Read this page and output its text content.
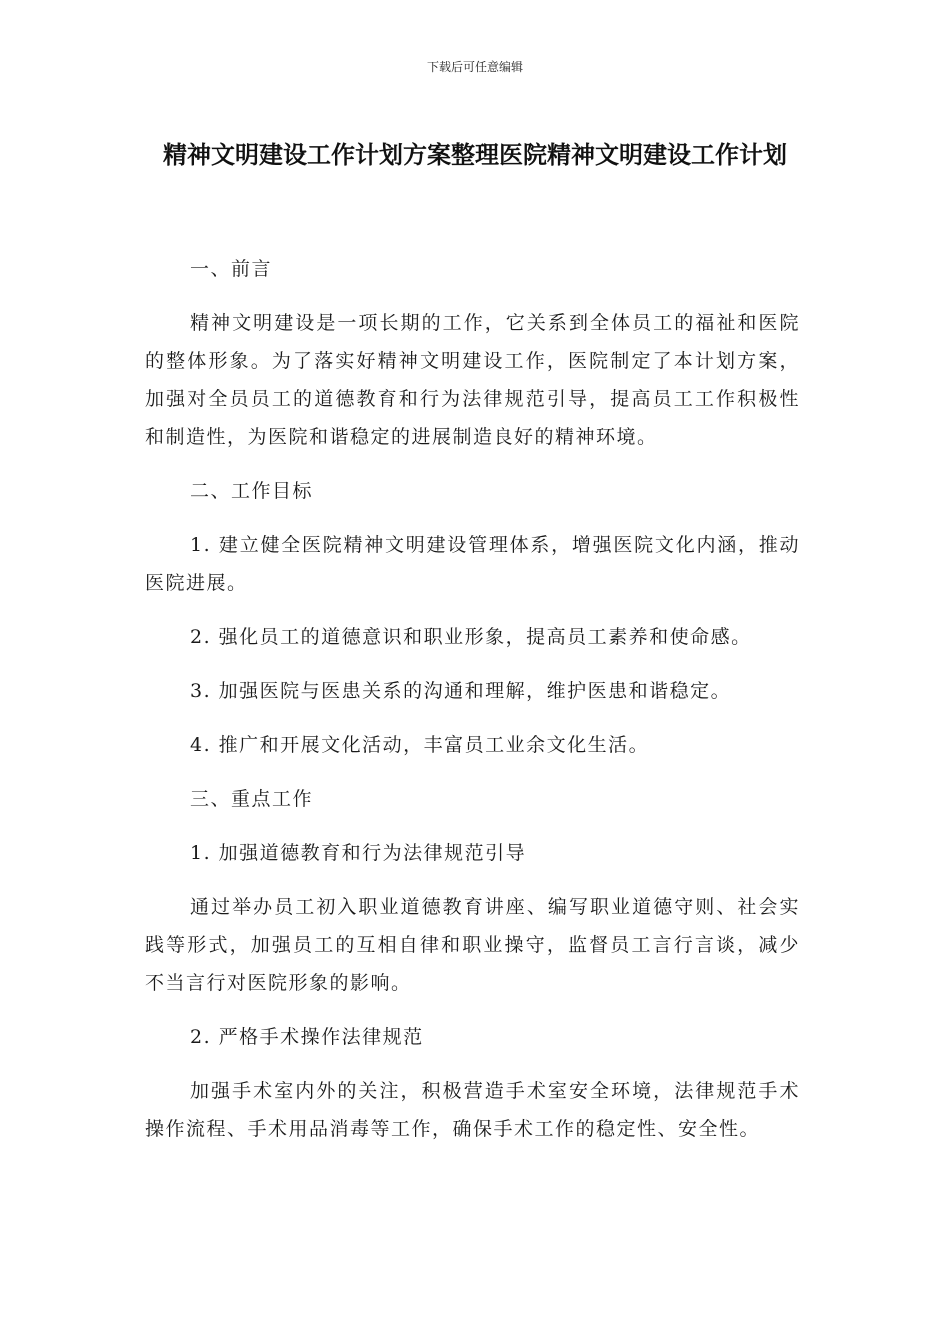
下载后可任意编辑
精神文明建设工作计划方案整理医院精神文明建设工作计划

一、前言

精神文明建设是一项长期的工作，它关系到全体员工的福祉和医院的整体形象。为了落实好精神文明建设工作，医院制定了本计划方案，加强对全员员工的道德教育和行为法律规范引导，提高员工工作积极性和制造性，为医院和谐稳定的进展制造良好的精神环境。

二、工作目标

1. 建立健全医院精神文明建设管理体系，增强医院文化内涵，推动医院进展。

2. 强化员工的道德意识和职业形象，提高员工素养和使命感。

3. 加强医院与医患关系的沟通和理解，维护医患和谐稳定。

4. 推广和开展文化活动，丰富员工业余文化生活。

三、重点工作

1. 加强道德教育和行为法律规范引导

通过举办员工初入职业道德教育讲座、编写职业道德守则、社会实践等形式，加强员工的互相自律和职业操守，监督员工言行言谈，减少不当言行对医院形象的影响。

2. 严格手术操作法律规范

加强手术室内外的关注，积极营造手术室安全环境，法律规范手术操作流程、手术用品消毒等工作，确保手术工作的稳定性、安全性。
